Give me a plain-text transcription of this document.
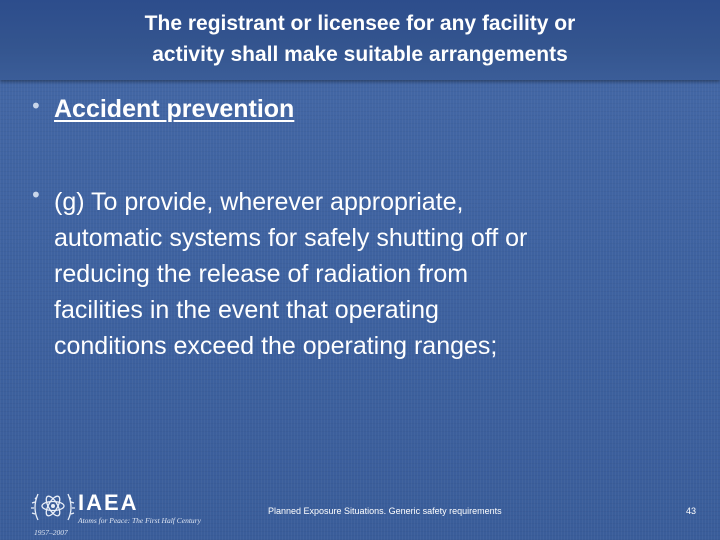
The registrant or licensee for any facility or
activity shall make suitable arrangements
• Accident prevention
• (g) To provide, wherever appropriate,
automatic systems for safely shutting off or
reducing the release of radiation from
facilities in the event that operating
conditions exceed the operating ranges;
IAEA
Atoms for Peace: The First Half Century
1957–2007
Planned Exposure Situations. Generic safety requirements	43
